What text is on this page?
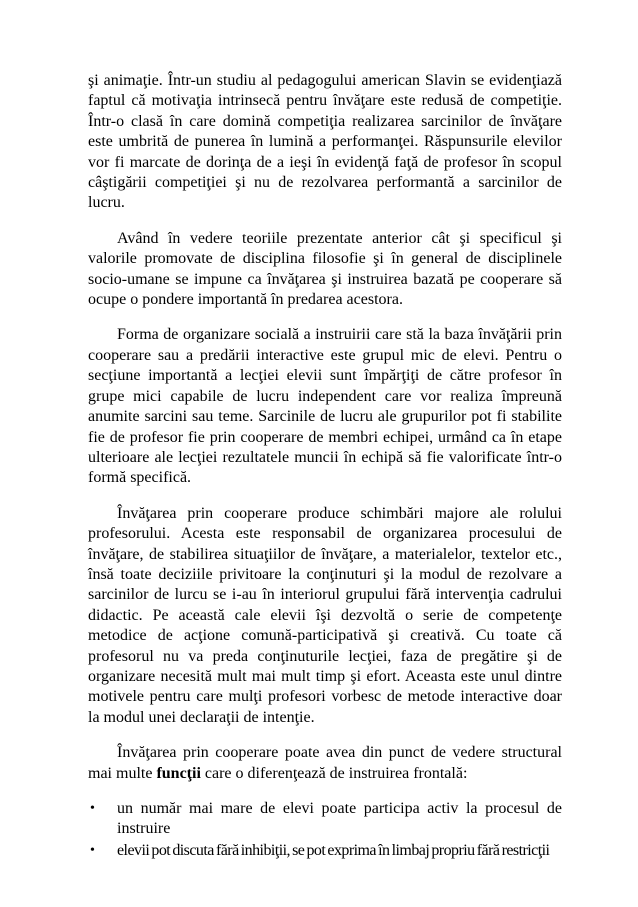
şi animaţie. Într-un studiu al pedagogului american Slavin se evidenţiază faptul că motivaţia intrinsecă pentru învăţare este redusă de competiţie. Într-o clasă în care domină competiţia realizarea sarcinilor de învăţare este umbrită de punerea în lumină a performanţei. Răspunsurile elevilor vor fi marcate de dorinţa de a ieşi în evidenţă faţă de profesor în scopul câştigării competiţiei şi nu de rezolvarea performantă a sarcinilor de lucru.

Având în vedere teoriile prezentate anterior cât şi specificul şi valorile promovate de disciplina filosofie şi în general de disciplinele socio-umane se impune ca învăţarea şi instruirea bazată pe cooperare să ocupe o pondere importantă în predarea acestora.

Forma de organizare socială a instruirii care stă la baza învăţării prin cooperare sau a predării interactive este grupul mic de elevi. Pentru o secţiune importantă a lecţiei elevii sunt împărţiţi de către profesor în grupe mici capabile de lucru independent care vor realiza împreună anumite sarcini sau teme. Sarcinile de lucru ale grupurilor pot fi stabilite fie de profesor fie prin cooperare de membri echipei, urmând ca în etape ulterioare ale lecţiei rezultatele muncii în echipă să fie valorificate într-o formă specifică.

Învăţarea prin cooperare produce schimbări majore ale rolului profesorului. Acesta este responsabil de organizarea procesului de învăţare, de stabilirea situaţiilor de învăţare, a materialelor, textelor etc., însă toate deciziile privitoare la conţinuturi şi la modul de rezolvare a sarcinilor de lurcu se i-au în interiorul grupului fără intervenţia cadrului didactic. Pe această cale elevii îşi dezvoltă o serie de competenţe metodice de acţione comună-participativă şi creativă. Cu toate că profesorul nu va preda conţinuturile lecţiei, faza de pregătire şi de organizare necesită mult mai mult timp şi efort. Aceasta este unul dintre motivele pentru care mulţi profesori vorbesc de metode interactive doar la modul unei declaraţii de intenţie.

Învăţarea prin cooperare poate avea din punct de vedere structural mai multe funcţii care o diferenţează de instruirea frontală:

• un număr mai mare de elevi poate participa activ la procesul de instruire
• elevii pot discuta fără inhibiţii, se pot exprima în limbaj propriu fără restricţii
